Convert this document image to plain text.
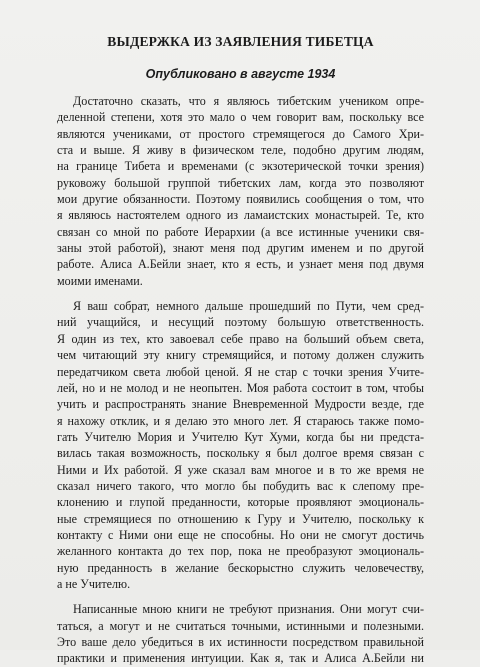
ВЫДЕРЖКА ИЗ ЗАЯВЛЕНИЯ ТИБЕТЦА
Опубликовано в августе 1934
Достаточно сказать, что я являюсь тибетским учеником опре-
деленной степени, хотя это мало о чем говорит вам, поскольку все
являются учениками, от простого стремящегося до Самого Хри-
ста и выше. Я живу в физическом теле, подобно другим людям,
на границе Тибета и временами (с экзотерической точки зрения)
руковожу большой группой тибетских лам, когда это позволяют
мои другие обязанности. Поэтому появились сообщения о том, что
я являюсь настоятелем одного из ламаистских монастырей. Те, кто
связан со мной по работе Иерархии (а все истинные ученики свя-
заны этой работой), знают меня под другим именем и по другой
работе. Алиса А.Бейли знает, кто я есть, и узнает меня под двумя
моими именами.
Я ваш собрат, немного дальше прошедший по Пути, чем сред-
ний учащийся, и несущий поэтому большую ответственность.
Я один из тех, кто завоевал себе право на больший объем света,
чем читающий эту книгу стремящийся, и потому должен служить
передатчиком света любой ценой. Я не стар с точки зрения Учите-
лей, но и не молод и не неопытен. Моя работа состоит в том, чтобы
учить и распространять знание Вневременной Мудрости везде, где
я нахожу отклик, и я делаю это много лет. Я стараюсь также помо-
гать Учителю Мория и Учителю Кут Хуми, когда бы ни предста-
вилась такая возможность, поскольку я был долгое время связан с
Ними и Их работой. Я уже сказал вам многое и в то же время не
сказал ничего такого, что могло бы побудить вас к слепому пре-
клонению и глупой преданности, которые проявляют эмоциональ-
ные стремящиеся по отношению к Гуру и Учителю, поскольку к
контакту с Ними они еще не способны. Но они не смогут достичь
желанного контакта до тех пор, пока не преобразуют эмоциональ-
ную преданность в желание бескорыстно служить человечеству,
а не Учителю.
Написанные мною книги не требуют признания. Они могут счи-
таться, а могут и не считаться точными, истинными и полезными.
Это ваше дело убедиться в их истинности посредством правильной
практики и применения интуиции. Как я, так и Алиса А.Бейли ни
